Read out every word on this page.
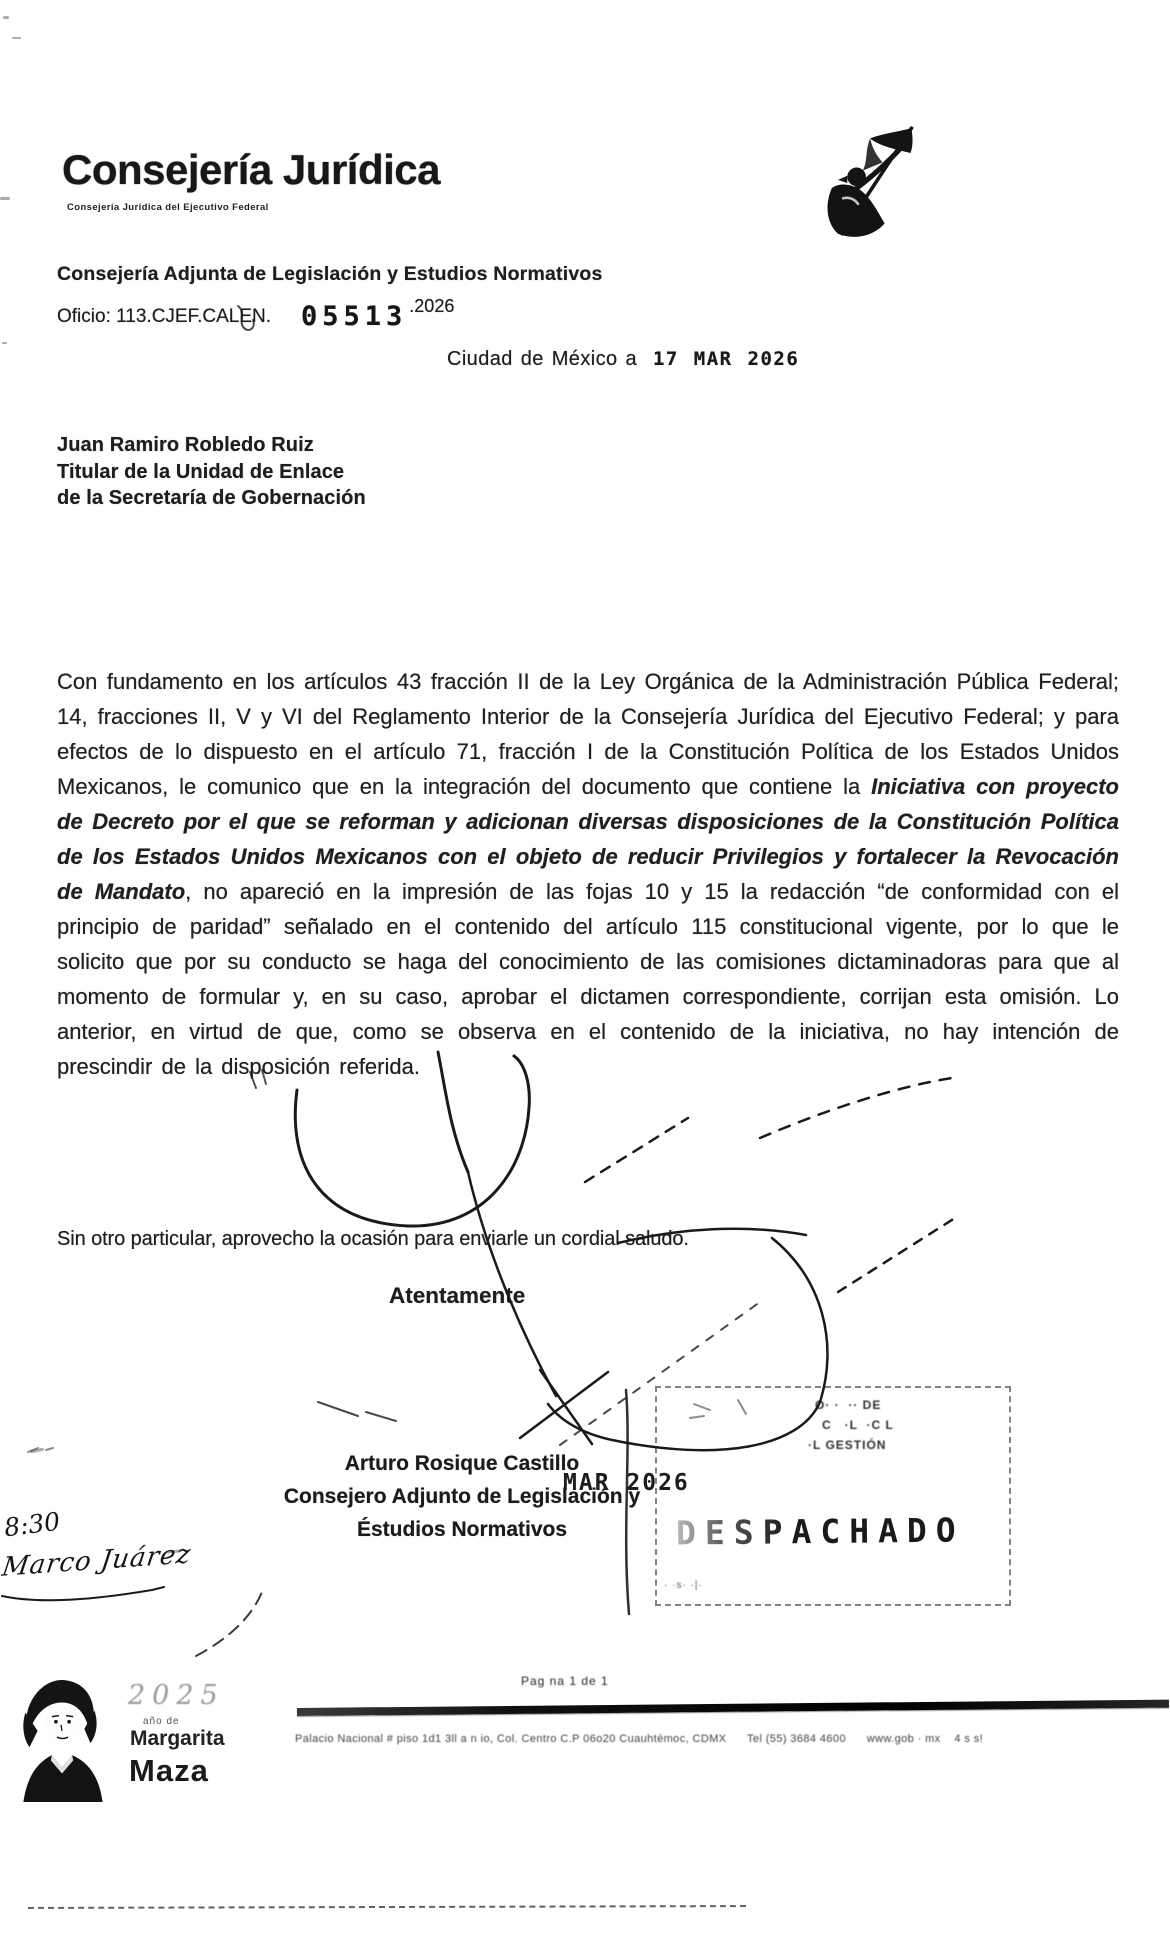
Consejería Jurídica
Consejería Jurídica del Ejecutivo Federal
Consejería Adjunta de Legislación y Estudios Normativos
Oficio: 113.CJEF.CALEN. 05513 .2026
Ciudad de México a 17 MAR 2026
Juan Ramiro Robledo Ruiz
Titular de la Unidad de Enlace
de la Secretaría de Gobernación
Con fundamento en los artículos 43 fracción II de la Ley Orgánica de la Administración Pública Federal; 14, fracciones II, V y VI del Reglamento Interior de la Consejería Jurídica del Ejecutivo Federal; y para efectos de lo dispuesto en el artículo 71, fracción I de la Constitución Política de los Estados Unidos Mexicanos, le comunico que en la integración del documento que contiene la Iniciativa con proyecto de Decreto por el que se reforman y adicionan diversas disposiciones de la Constitución Política de los Estados Unidos Mexicanos con el objeto de reducir Privilegios y fortalecer la Revocación de Mandato, no apareció en la impresión de las fojas 10 y 15 la redacción “de conformidad con el principio de paridad” señalado en el contenido del artículo 115 constitucional vigente, por lo que le solicito que por su conducto se haga del conocimiento de las comisiones dictaminadoras para que al momento de formular y, en su caso, aprobar el dictamen correspondiente, corrijan esta omisión. Lo anterior, en virtud de que, como se observa en el contenido de la iniciativa, no hay intención de prescindir de la disposición referida.
Sin otro particular, aprovecho la ocasión para enviarle un cordial saludo.
Atentamente
Arturo Rosique Castillo
Consejero Adjunto de Legislación y
Éstudios Normativos
O· ·  ·· DE
C   ·L  ·C L
·L GESTIÓN
MAR 2026
DESPACHADO
· ·s· ·|·
8:30
Marco Juárez
2025
año de
Margarita
Maza
Pag na 1 de 1
Palacio Nacional # piso 1d1 3ll a n io, Col. Centro C.P 06o20 Cuauhtémoc, CDMX      Tel (55) 3684 4600      www.gob · mx    4 s s!
